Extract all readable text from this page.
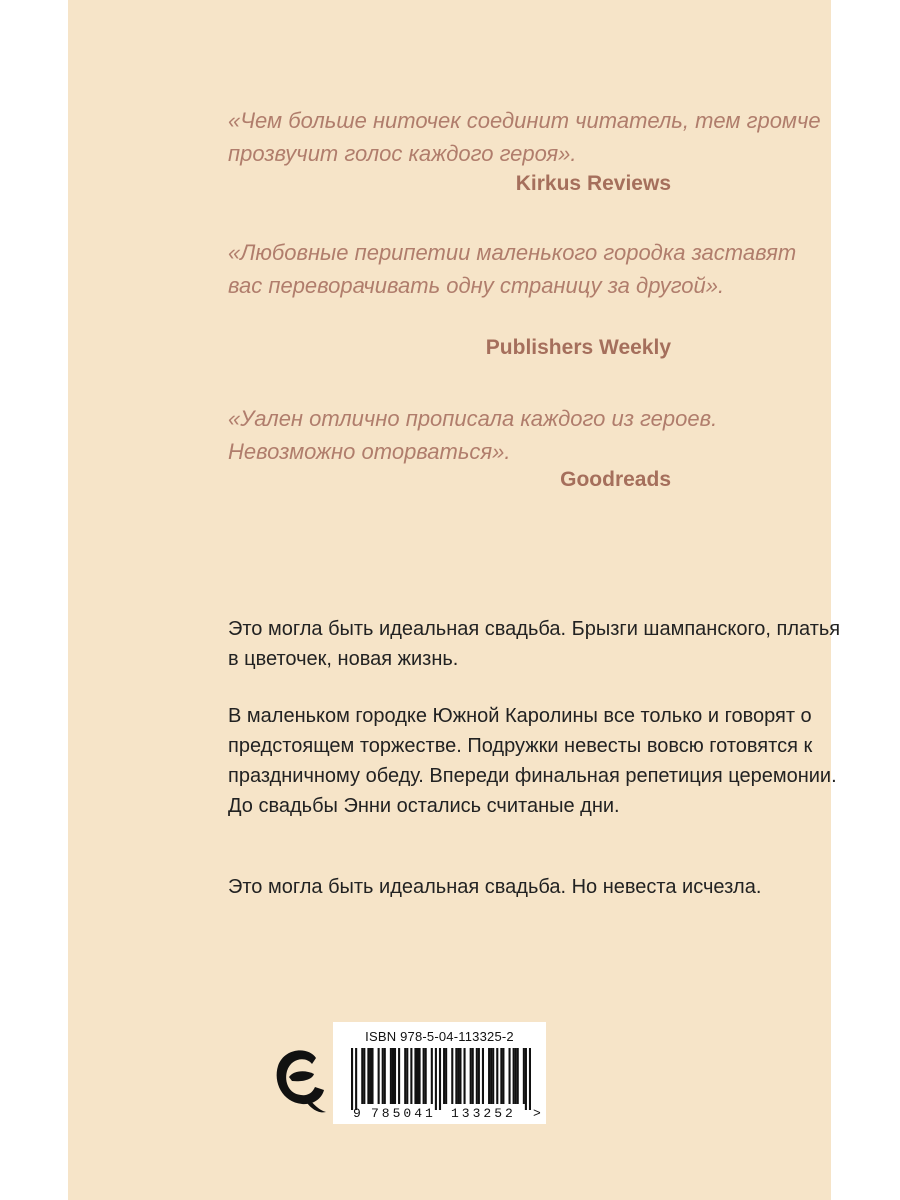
«Чем больше ниточек соединит читатель, тем громче прозвучит голос каждого героя».

Kirkus Reviews

«Любовные перипетии маленького городка заставят вас переворачивать одну страницу за другой».

Publishers Weekly

«Уален отлично прописала каждого из героев. Невозможно оторваться».

Goodreads

Это могла быть идеальная свадьба. Брызги шампанского, платья в цветочек, новая жизнь.

В маленьком городке Южной Каролины все только и говорят о предстоящем торжестве. Подружки невесты вовсю готовятся к праздничному обеду. Впереди финальная репетиция церемонии. До свадьбы Энни остались считаные дни.

Это могла быть идеальная свадьба. Но невеста исчезла.

ISBN 978-5-04-113325-2
9 785041 133252 >
